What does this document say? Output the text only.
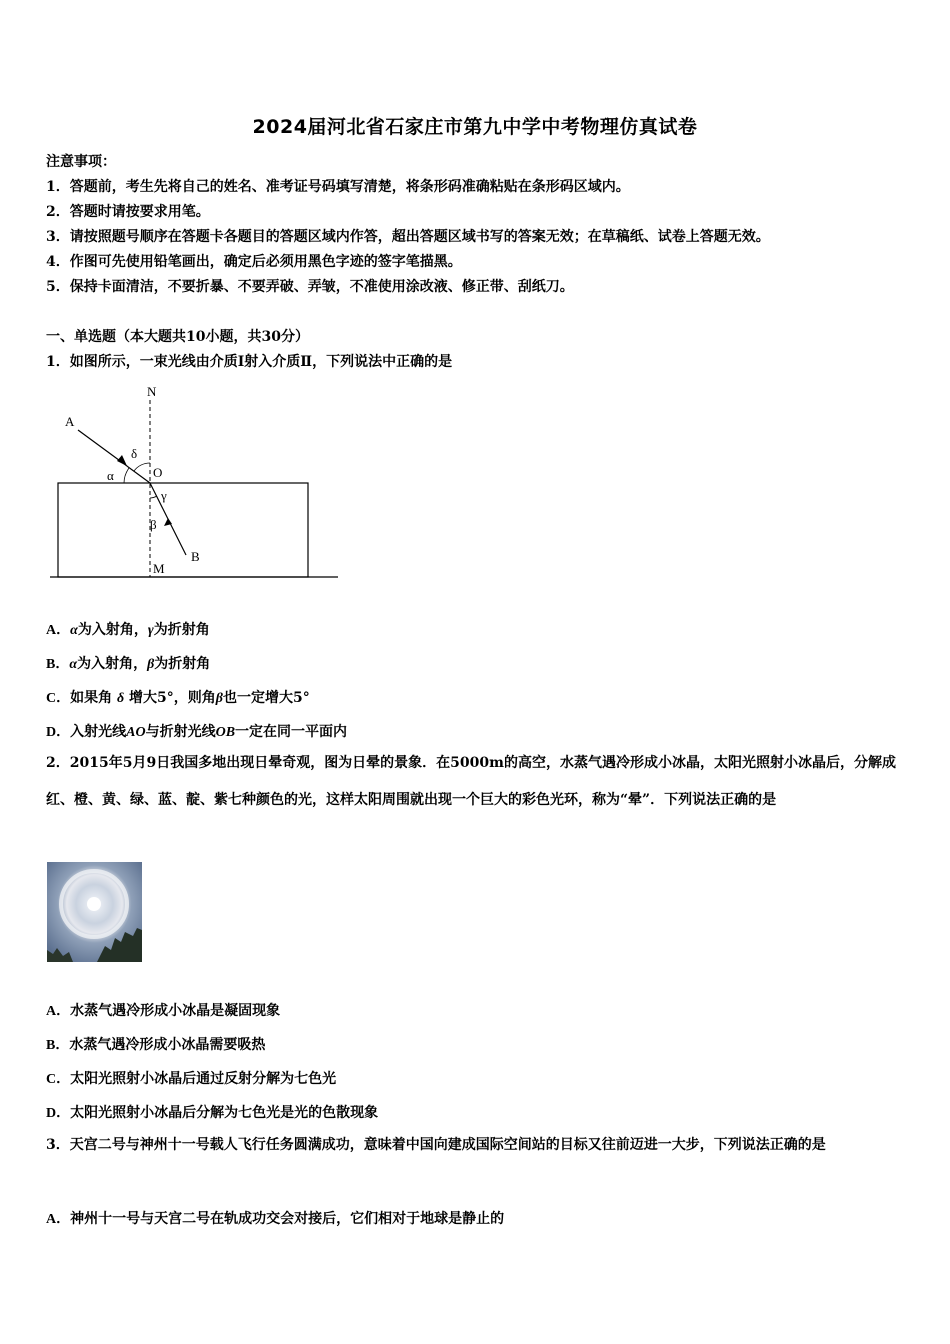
2024届河北省石家庄市第九中学中考物理仿真试卷
注意事项：
1．答题前，考生先将自己的姓名、准考证号码填写清楚，将条形码准确粘贴在条形码区域内。
2．答题时请按要求用笔。
3．请按照题号顺序在答题卡各题目的答题区域内作答，超出答题区域书写的答案无效；在草稿纸、试卷上答题无效。
4．作图可先使用铅笔画出，确定后必须用黑色字迹的签字笔描黑。
5．保持卡面清洁，不要折暴、不要弄破、弄皱，不准使用涂改液、修正带、刮纸刀。
一、单选题（本大题共10小题，共30分）
1．如图所示，一束光线由介质Ⅰ射入介质Ⅱ，下列说法中正确的是
N
A
δ
α	O
γ
β
B
M
A．α为入射角，γ为折射角
B．α为入射角，β为折射角
C．如果角 δ 增大5°，则角β也一定增大5°
D．入射光线AO与折射光线OB一定在同一平面内
2．2015年5月9日我国多地出现日晕奇观，图为日晕的景象．在5000m的高空，水蒸气遇冷形成小冰晶，太阳光照射小冰晶后，分解成红、橙、黄、绿、蓝、靛、紫七种颜色的光，这样太阳周围就出现一个巨大的彩色光环，称为“晕”．下列说法正确的是
A．水蒸气遇冷形成小冰晶是凝固现象
B．水蒸气遇冷形成小冰晶需要吸热
C．太阳光照射小冰晶后通过反射分解为七色光
D．太阳光照射小冰晶后分解为七色光是光的色散现象
3．天宫二号与神州十一号载人飞行任务圆满成功，意味着中国向建成国际空间站的目标又往前迈进一大步，下列说法正确的是
A．神州十一号与天宫二号在轨成功交会对接后，它们相对于地球是静止的
